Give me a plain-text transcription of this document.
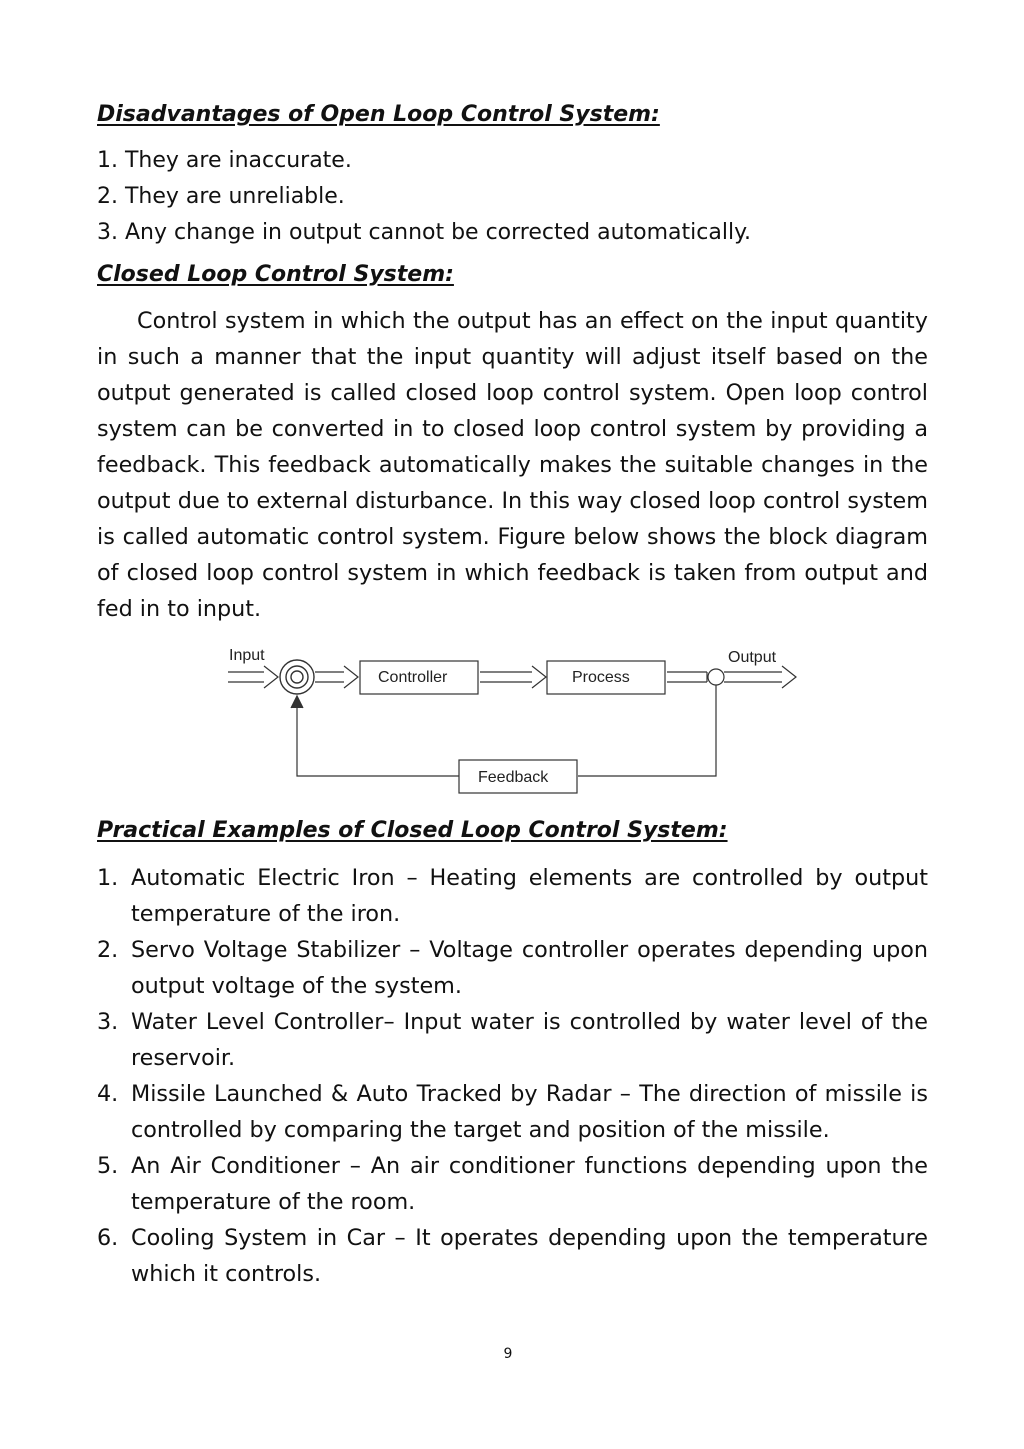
Disadvantages of Open Loop Control System:

1. They are inaccurate.

2. They are unreliable.

3. Any change in output cannot be corrected automatically.

Closed Loop Control System:

Control system in which the output has an effect on the input quantity in such a manner that the input quantity will adjust itself based on the output generated is called closed loop control system. Open loop control system can be converted in to closed loop control system by providing a feedback. This feedback automatically makes the suitable changes in the output due to external disturbance. In this way closed loop control system is called automatic control system. Figure below shows the block diagram of closed loop control system in which feedback is taken from output and fed in to input.

Input
Controller	Process
Output
Feedback
Practical Examples of Closed Loop Control System:
1. Automatic Electric Iron – Heating elements are controlled by output temperature of the iron.
2. Servo Voltage Stabilizer – Voltage controller operates depending upon output voltage of the system.
3. Water Level Controller– Input water is controlled by water level of the reservoir.
4. Missile Launched & Auto Tracked by Radar – The direction of missile is controlled by comparing the target and position of the missile.
5. An Air Conditioner – An air conditioner functions depending upon the temperature of the room.
6. Cooling System in Car – It operates depending upon the temperature which it controls.
9
